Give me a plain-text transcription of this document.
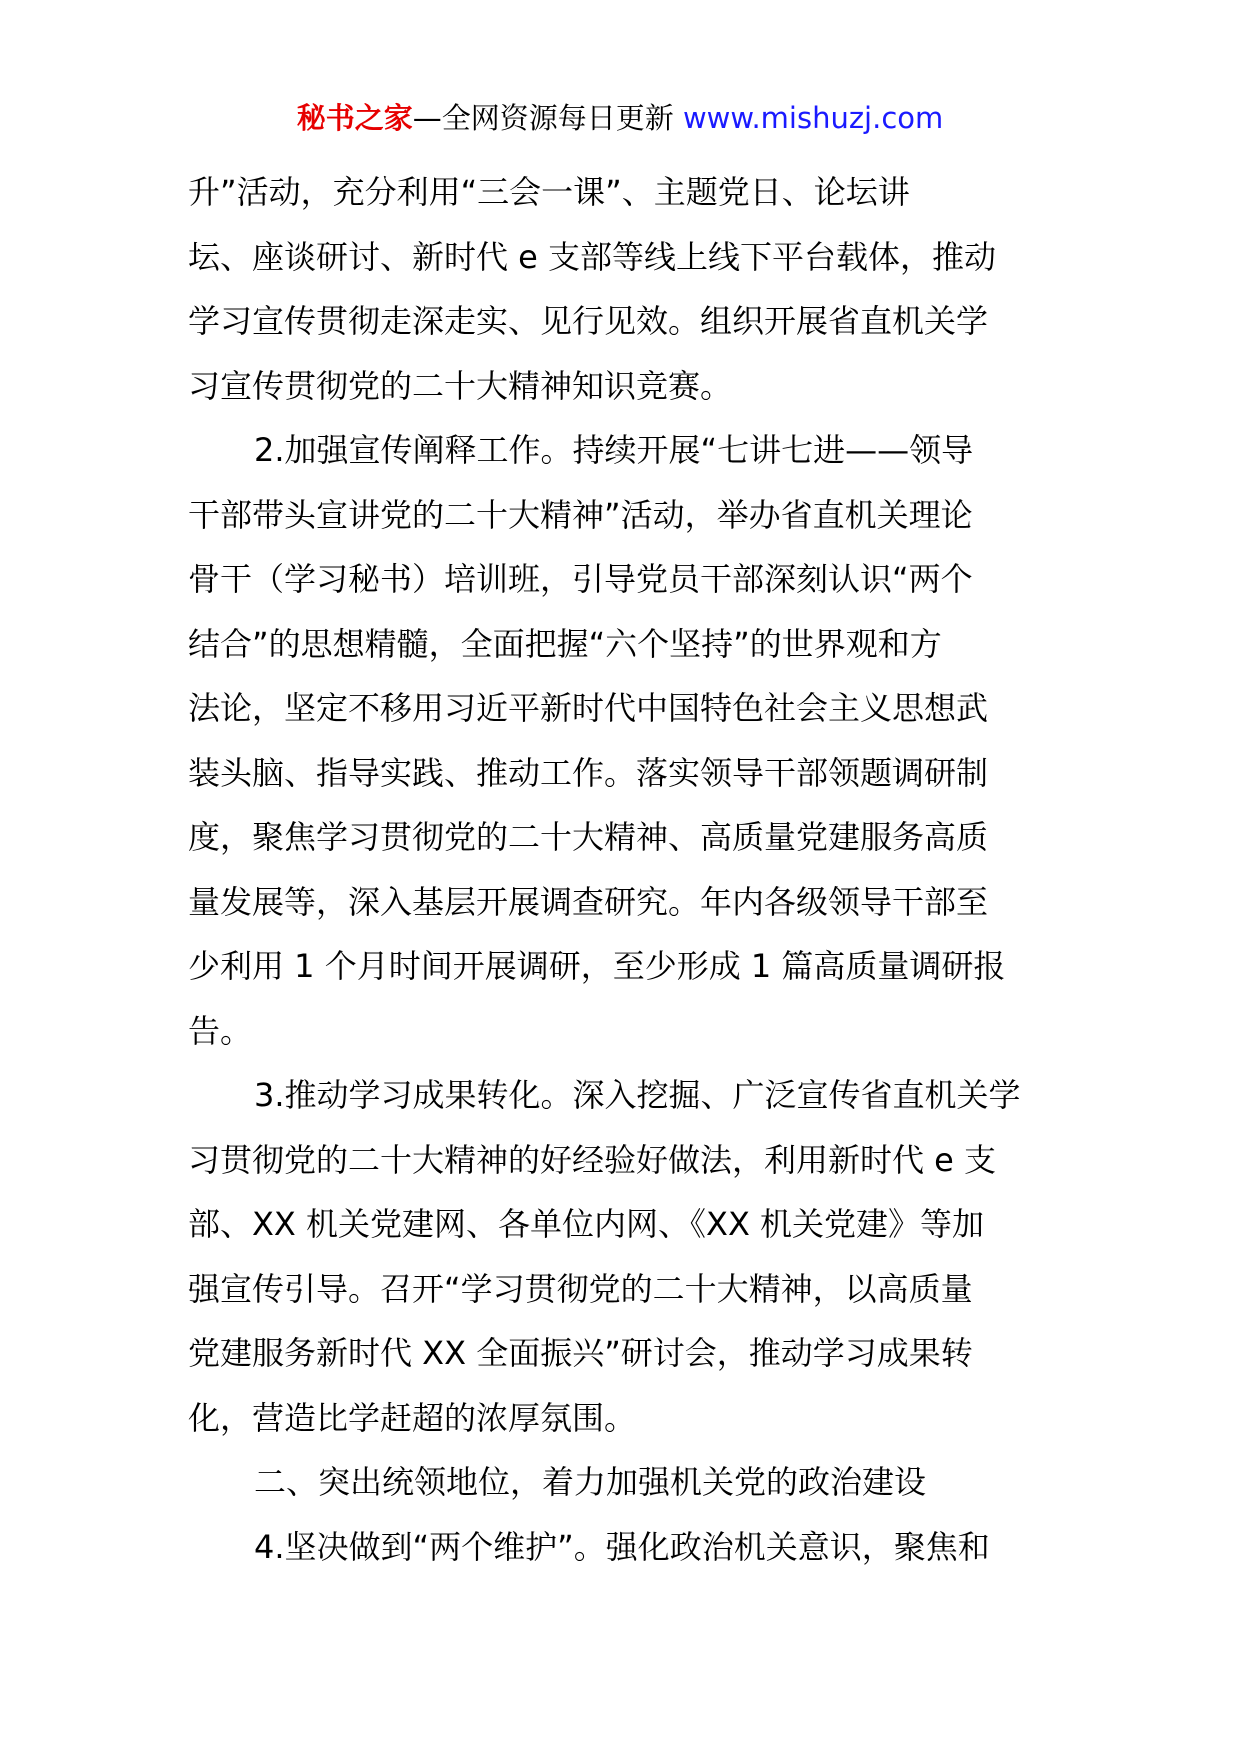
秘书之家—全网资源每日更新 www.mishuzj.com
升”活动，充分利用“三会一课”、主题党日、论坛讲
坛、座谈研讨、新时代 e 支部等线上线下平台载体，推动
学习宣传贯彻走深走实、见行见效。组织开展省直机关学
习宣传贯彻党的二十大精神知识竞赛。
2.加强宣传阐释工作。持续开展“七讲七进——领导
干部带头宣讲党的二十大精神”活动，举办省直机关理论
骨干（学习秘书）培训班，引导党员干部深刻认识“两个
结合”的思想精髓，全面把握“六个坚持”的世界观和方
法论，坚定不移用习近平新时代中国特色社会主义思想武
装头脑、指导实践、推动工作。落实领导干部领题调研制
度，聚焦学习贯彻党的二十大精神、高质量党建服务高质
量发展等，深入基层开展调查研究。年内各级领导干部至
少利用 1 个月时间开展调研，至少形成 1 篇高质量调研报
告。
3.推动学习成果转化。深入挖掘、广泛宣传省直机关学
习贯彻党的二十大精神的好经验好做法，利用新时代 e 支
部、XX 机关党建网、各单位内网、《XX 机关党建》等加
强宣传引导。召开“学习贯彻党的二十大精神，以高质量
党建服务新时代 XX 全面振兴”研讨会，推动学习成果转
化，营造比学赶超的浓厚氛围。
二、突出统领地位，着力加强机关党的政治建设
4.坚决做到“两个维护”。强化政治机关意识，聚焦和
